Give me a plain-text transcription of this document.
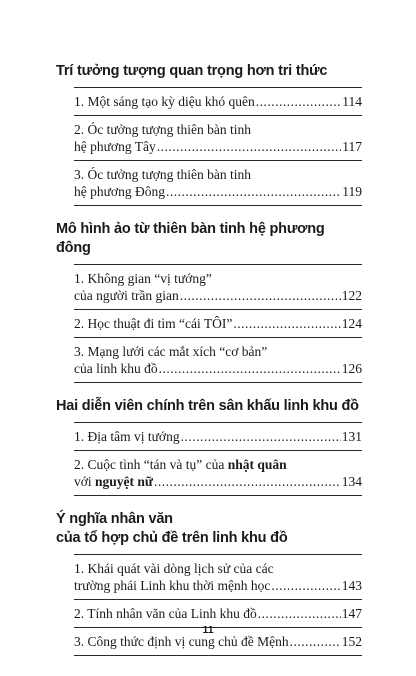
Trí tưởng tượng quan trọng hơn tri thức
1. Một sáng tạo kỳ diệu khó quên .....	114
2. Óc tưởng tượng thiên bàn tinh
hệ phương Tây .....	117
3. Óc tưởng tượng thiên bàn tinh
hệ phương Đông .....	119
Mô hình ảo từ thiên bàn tinh hệ phương đông
1. Không gian “vị tướng”
của người trần gian .....	122
2. Học thuật đi tìm “cái TÔI” .....	124
3. Mạng lưới các mắt xích “cơ bản”
của linh khu đồ .....	126
Hai diễn viên chính trên sân khấu linh khu đồ
1. Địa tâm vị tướng .....	131
2. Cuộc tình “tán và tụ” của nhật quân
với nguyệt nữ .....	134
Ý nghĩa nhân văn
của tổ hợp chủ đề trên linh khu đồ
1. Khái quát vài dòng lịch sử của các
trường phái Linh khu thời mệnh học .....	143
2. Tính nhân văn của Linh khu đồ .....	147
3. Công thức định vị cung chủ đề Mệnh .....	152
11
